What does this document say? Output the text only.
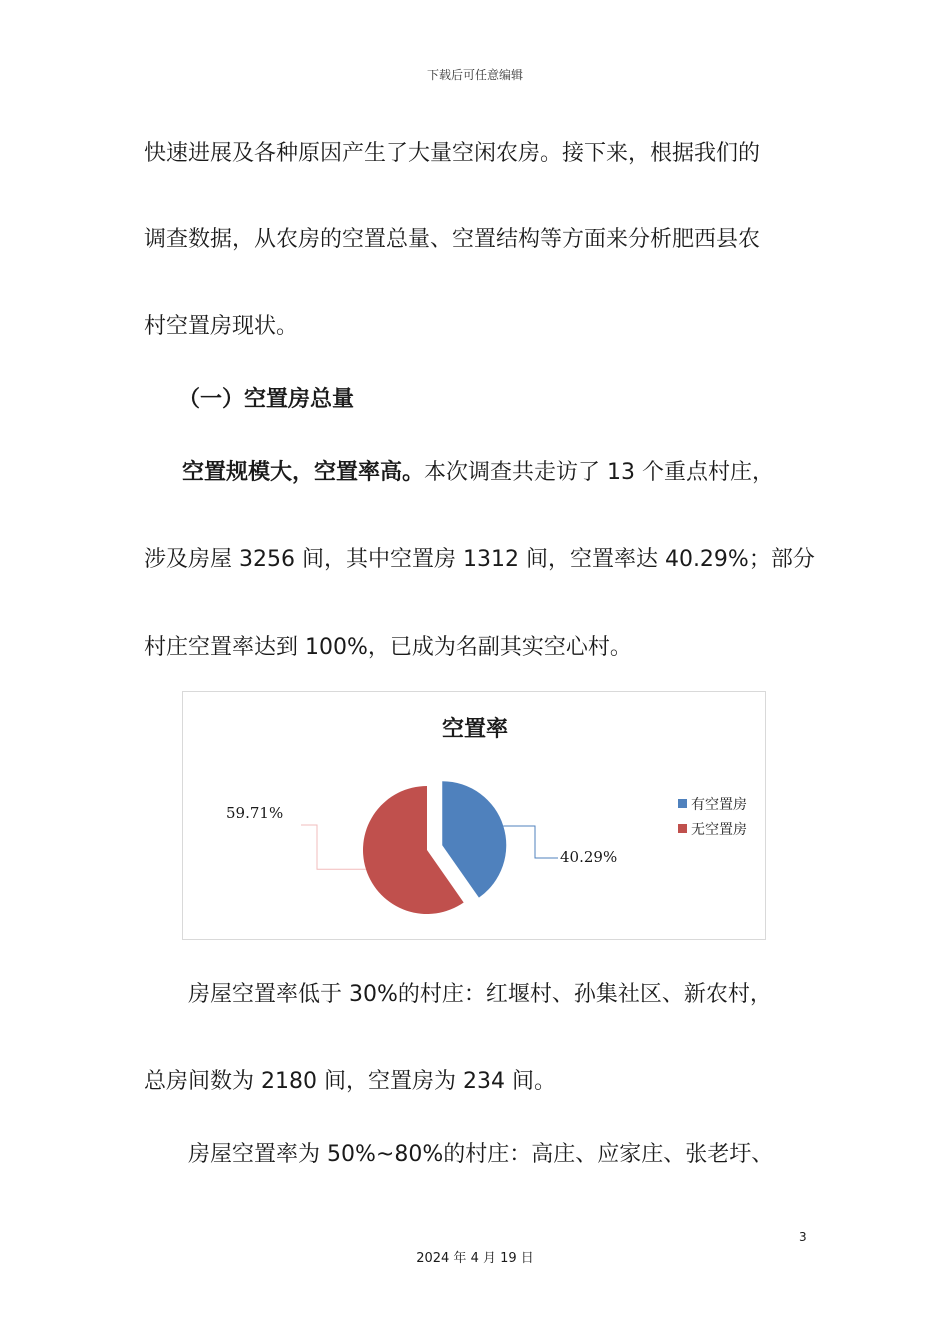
下载后可任意编辑
快速进展及各种原因产生了大量空闲农房。接下来，根据我们的
调查数据，从农房的空置总量、空置结构等方面来分析肥西县农
村空置房现状。
（一）空置房总量
空置规模大，空置率高。本次调查共走访了 13 个重点村庄，
涉及房屋 3256 间，其中空置房 1312 间，空置率达 40.29%；部分
村庄空置率达到 100%，已成为名副其实空心村。
空置率
40.29%
59.71%	有空置房
无空置房
房屋空置率低于 30%的村庄：红堰村、孙集社区、新农村，
总房间数为 2180 间，空置房为 234 间。
房屋空置率为 50%~80%的村庄：高庄、应家庄、张老圩、
3
2024 年 4 月 19 日
